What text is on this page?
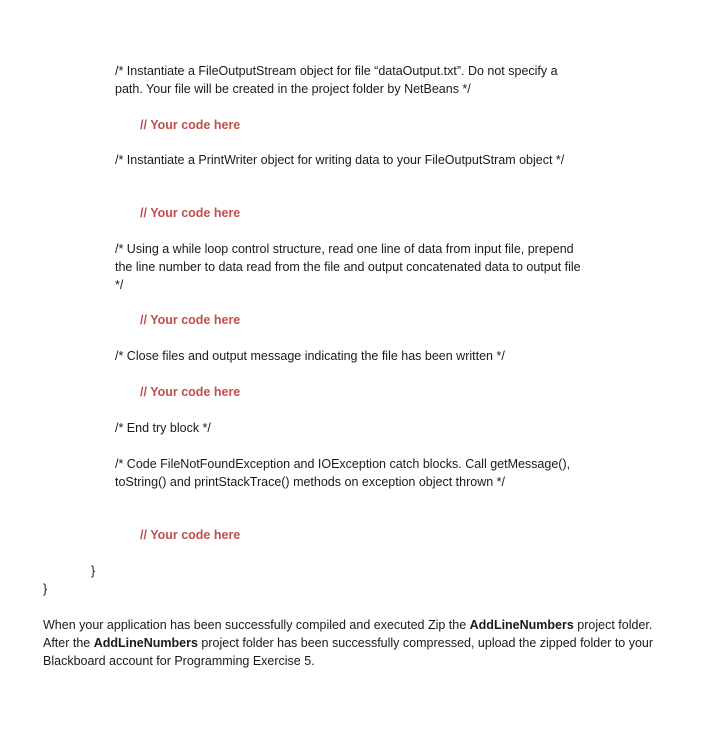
/* Instantiate a FileOutputStream object for file “dataOutput.txt”. Do not specify a path. Your file will be created in the project folder by NetBeans */
// Your code here
/* Instantiate a PrintWriter object for writing data to your FileOutputStram object */
// Your code here
/* Using a while loop control structure, read one line of data from input file, prepend the line number to data read from the file and output concatenated data to output file */
// Your code here
/* Close files and output message indicating the file has been written */
// Your code here
/* End try block */
/* Code FileNotFoundException and IOException catch blocks. Call getMessage(), toString() and printStackTrace() methods on exception object thrown */
// Your code here
}
}
When your application has been successfully compiled and executed Zip the AddLineNumbers project folder. After the AddLineNumbers project folder has been successfully compressed, upload the zipped folder to your Blackboard account for Programming Exercise 5.
